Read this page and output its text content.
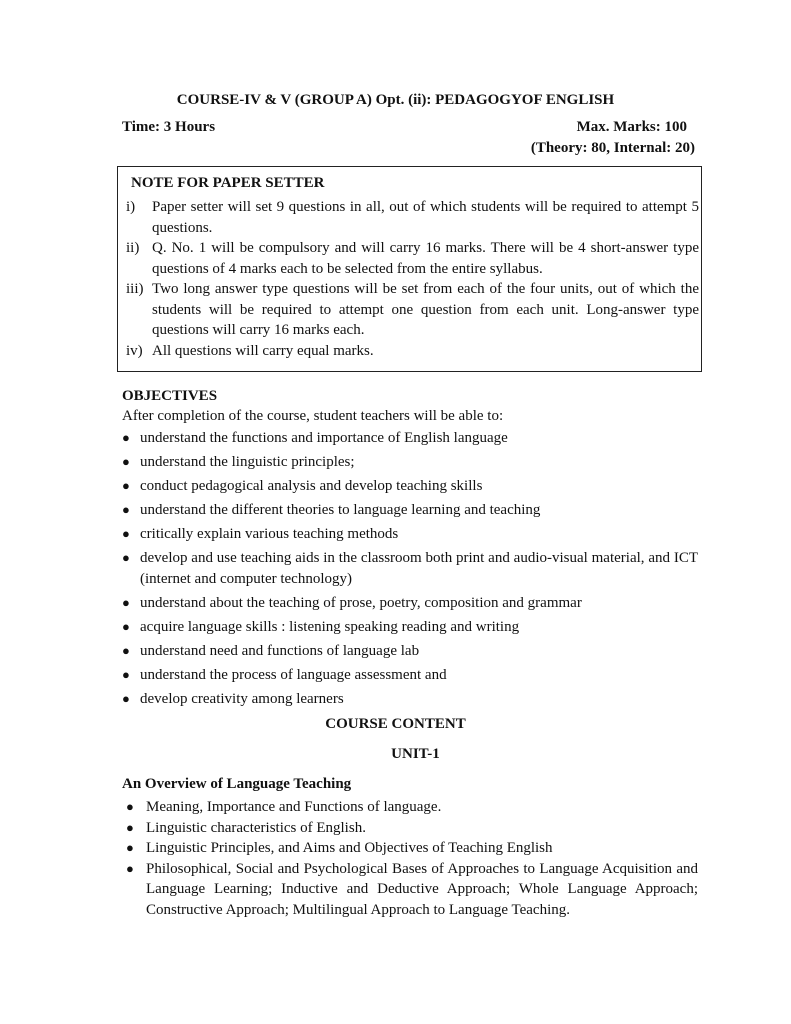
COURSE-IV & V (GROUP A) Opt. (ii): PEDAGOGYOF ENGLISH
Time: 3 Hours	Max. Marks: 100
(Theory: 80, Internal: 20)
NOTE FOR PAPER SETTER
i)	Paper setter will set 9 questions in all, out of which students will be required to attempt 5 questions.
ii) Q. No. 1 will be compulsory and will carry 16 marks. There will be 4 short-answer type questions of 4 marks each to be selected from the entire syllabus.
iii) Two long answer type questions will be set from each of the four units, out of which the students will be required to attempt one question from each unit. Long-answer type questions will carry 16 marks each.
iv) All questions will carry equal marks.
OBJECTIVES
After completion of the course, student teachers will be able to:
● understand the functions and importance of English language
● understand the linguistic principles;
● conduct pedagogical analysis and develop teaching skills
● understand the different theories to language learning and teaching
● critically explain various teaching methods
● develop and use teaching aids in the classroom both print and audio-visual material, and ICT (internet and computer technology)
● understand about the teaching of prose, poetry, composition and grammar
● acquire language skills : listening speaking reading and writing
● understand need and functions of language lab
● understand the process of language assessment and
● develop creativity among learners
COURSE CONTENT
UNIT-1
An Overview of Language Teaching
● Meaning, Importance and Functions of language.
● Linguistic characteristics of English.
● Linguistic Principles, and Aims and Objectives of Teaching English
● Philosophical, Social and Psychological Bases of Approaches to Language Acquisition and Language Learning; Inductive and Deductive Approach; Whole Language Approach; Constructive Approach; Multilingual Approach to Language Teaching.
